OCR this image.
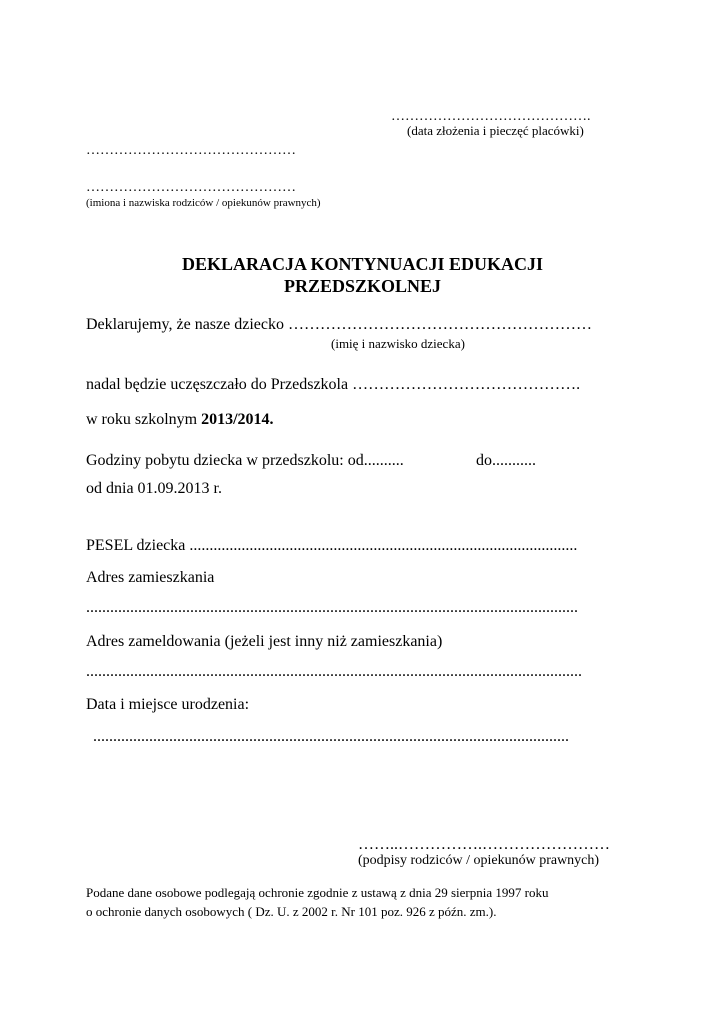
…………………………………….
(data złożenia i pieczęć placówki)
………………………………………
………………………………………
(imiona i nazwiska rodziców / opiekunów prawnych)
DEKLARACJA KONTYNUACJI EDUKACJI
PRZEDSZKOLNEJ
Deklarujemy, że nasze dziecko …………………………………………………
(imię i nazwisko dziecka)
nadal będzie uczęszczało do Przedszkola …………………………………….
w roku szkolnym 2013/2014.
Godziny pobytu dziecka w przedszkolu: od..........	do...........
od dnia 01.09.2013 r.
PESEL dziecka .................................................................................................
Adres zamieszkania
...........................................................................................................................
Adres zameldowania (jeżeli jest inny niż zamieszkania)
............................................................................................................................
Data i miejsce urodzenia:
.......................................................................................................................
……..…………….……………………
(podpisy rodziców / opiekunów prawnych)
Podane dane osobowe podlegają ochronie zgodnie z ustawą z dnia 29 sierpnia 1997 roku
o ochronie danych osobowych ( Dz. U. z 2002 r. Nr 101 poz. 926 z późn. zm.).
